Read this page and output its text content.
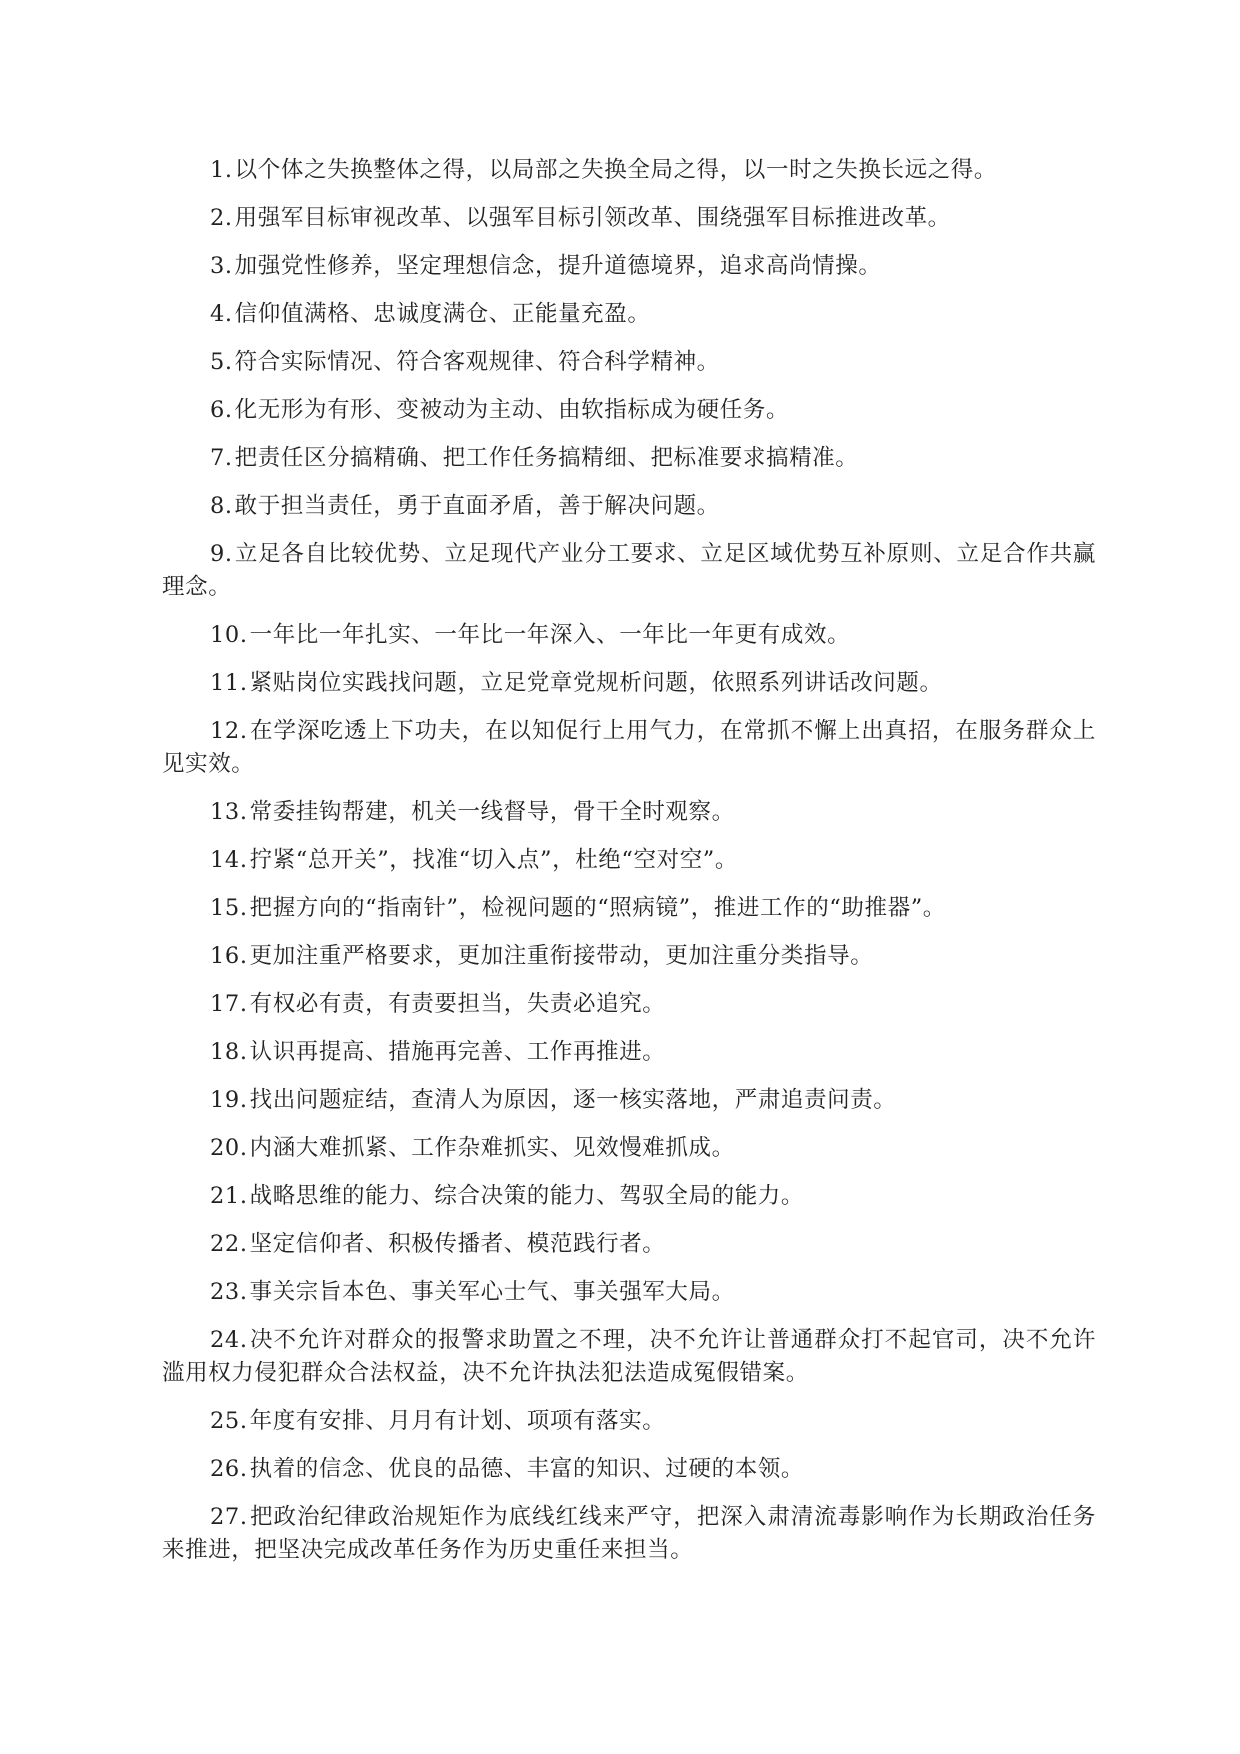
1.以个体之失换整体之得，以局部之失换全局之得，以一时之失换长远之得。

2.用强军目标审视改革、以强军目标引领改革、围绕强军目标推进改革。

3.加强党性修养，坚定理想信念，提升道德境界，追求高尚情操。

4.信仰值满格、忠诚度满仓、正能量充盈。

5.符合实际情况、符合客观规律、符合科学精神。

6.化无形为有形、变被动为主动、由软指标成为硬任务。

7.把责任区分搞精确、把工作任务搞精细、把标准要求搞精准。

8.敢于担当责任，勇于直面矛盾，善于解决问题。

9.立足各自比较优势、立足现代产业分工要求、立足区域优势互补原则、立足合作共赢理念。

10.一年比一年扎实、一年比一年深入、一年比一年更有成效。

11.紧贴岗位实践找问题，立足党章党规析问题，依照系列讲话改问题。

12.在学深吃透上下功夫，在以知促行上用气力，在常抓不懈上出真招，在服务群众上见实效。

13.常委挂钩帮建，机关一线督导，骨干全时观察。

14.拧紧“总开关”，找准“切入点”，杜绝“空对空”。

15.把握方向的“指南针”，检视问题的“照病镜”，推进工作的“助推器”。

16.更加注重严格要求，更加注重衔接带动，更加注重分类指导。

17.有权必有责，有责要担当，失责必追究。

18.认识再提高、措施再完善、工作再推进。

19.找出问题症结，查清人为原因，逐一核实落地，严肃追责问责。

20.内涵大难抓紧、工作杂难抓实、见效慢难抓成。

21.战略思维的能力、综合决策的能力、驾驭全局的能力。

22.坚定信仰者、积极传播者、模范践行者。

23.事关宗旨本色、事关军心士气、事关强军大局。

24.决不允许对群众的报警求助置之不理，决不允许让普通群众打不起官司，决不允许滥用权力侵犯群众合法权益，决不允许执法犯法造成冤假错案。

25.年度有安排、月月有计划、项项有落实。

26.执着的信念、优良的品德、丰富的知识、过硬的本领。

27.把政治纪律政治规矩作为底线红线来严守，把深入肃清流毒影响作为长期政治任务来推进，把坚决完成改革任务作为历史重任来担当。
